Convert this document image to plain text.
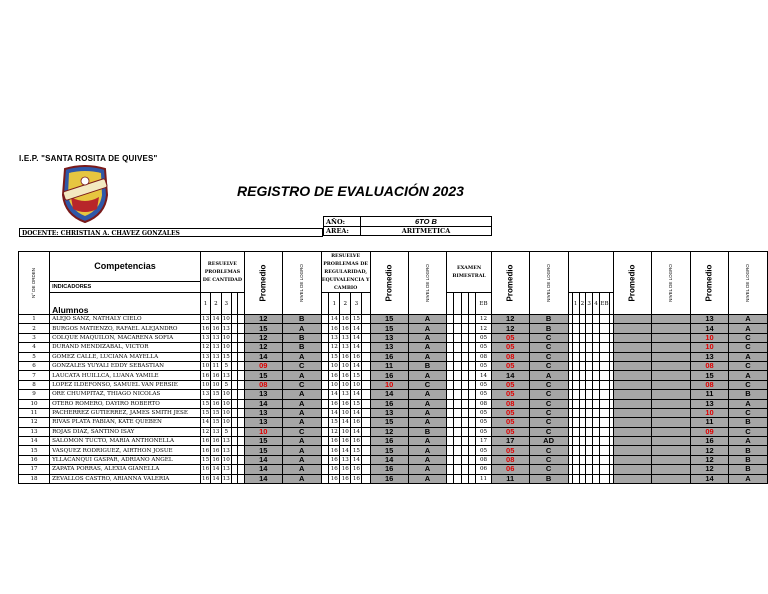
I.E.P. "SANTA ROSITA DE QUIVES"
REGISTRO DE EVALUACIÓN 2023
AÑO:	6TO B
AREA:	ARITMETICA
DOCENTE: CHRISTIAN A. CHAVEZ GONZALES
N° DE ORDEN	Competencias	RESUELVE PROBLEMAS DE CANTIDAD					Promedio	NIVEL DE LOGRO	RESUELVE PROBLEMAS DE REGULARIDAD, EQUIVALENCIA Y CAMBIO					Promedio	NIVEL DE LOGRO	EXAMEN BIMESTRAL					Promedio	NIVEL DE LOGRO								Promedio	NIVEL DE LOGRO	Promedio	NIVEL DE LOGRO
	INDICADORES																																
	Alumnos	1	2	3						1	2	3								EB				1	2	3	4	EB					
1	ALEJO SANZ, NATHALY CIELO	13	14	10			12	B		14	16	15		15	A					12	12	B										13	A
2	BURGOS MATIENZO, RAFAEL ALEJANDRO	16	16	13			15	A		16	16	14		15	A					12	12	B										14	A
3	COLQUE MAQUILON, MACARENA SOFIA	13	13	10			12	B		13	13	14		13	A					05	05	C										10	C
4	DURAND MENDIZABAL, VICTOR	12	13	10			12	B		12	13	14		13	A					05	05	C										10	C
5	GOMEZ CALLE, LUCIANA MAYELLA	13	13	15			14	A		15	16	16		16	A					08	08	C										13	A
6	GONZALES YUYALI EDDY SEBASTIAN	10	11	5			09	C		10	10	14		11	B					05	05	C										08	C
7	LAUCATA HUILLCA, LUANA YAMILE	16	16	13			15	A		16	16	15		16	A					14	14	A										15	A
8	LOPEZ ILDEFONSO, SAMUEL VAN PERSIE	10	10	5			08	C		10	10	10		10	C					05	05	C										08	C
9	ORE CHUMPITAZ, THIAGO NICOLAS	13	15	10			13	A		14	13	14		14	A					05	05	C										11	B
10	OTERO ROMERO, DAYIRO ROBERTO	15	16	10			14	A		16	16	15		16	A					08	08	C										13	A
11	PACHERREZ GUTIERREZ, JAMES SMITH JESE	15	15	10			13	A		14	10	14		13	A					05	05	C										10	C
12	RIVAS PLATA FABIAN, KATE QUEBEN	14	15	10			13	A		15	14	16		15	A					05	05	C										11	B
13	ROJAS DIAZ, SANTINO ISAY	12	13	5			10	C		12	10	14		12	B					05	05	C										09	C
14	SALOMON TUCTO, MARIA ANTHONELLA	16	16	13			15	A		16	16	16		16	A					17	17	AD										16	A
15	VASQUEZ RODRIGUEZ, AIRTHON JOSUE	16	16	13			15	A		16	14	15		15	A					05	05	C										12	B
16	YLLACANQUI GASPAR, ADRIANO ANGEL	15	16	10			14	A		16	13	14		14	A					08	08	C										12	B
17	ZAPATA PORRAS, ALEXIA GIANELLA	16	14	13			14	A		16	16	16		16	A					06	06	C										12	B
18	ZEVALLOS CASTRO, ARIANNA VALERIA	16	14	13			14	A		16	16	16		16	A					11	11	B										14	A
